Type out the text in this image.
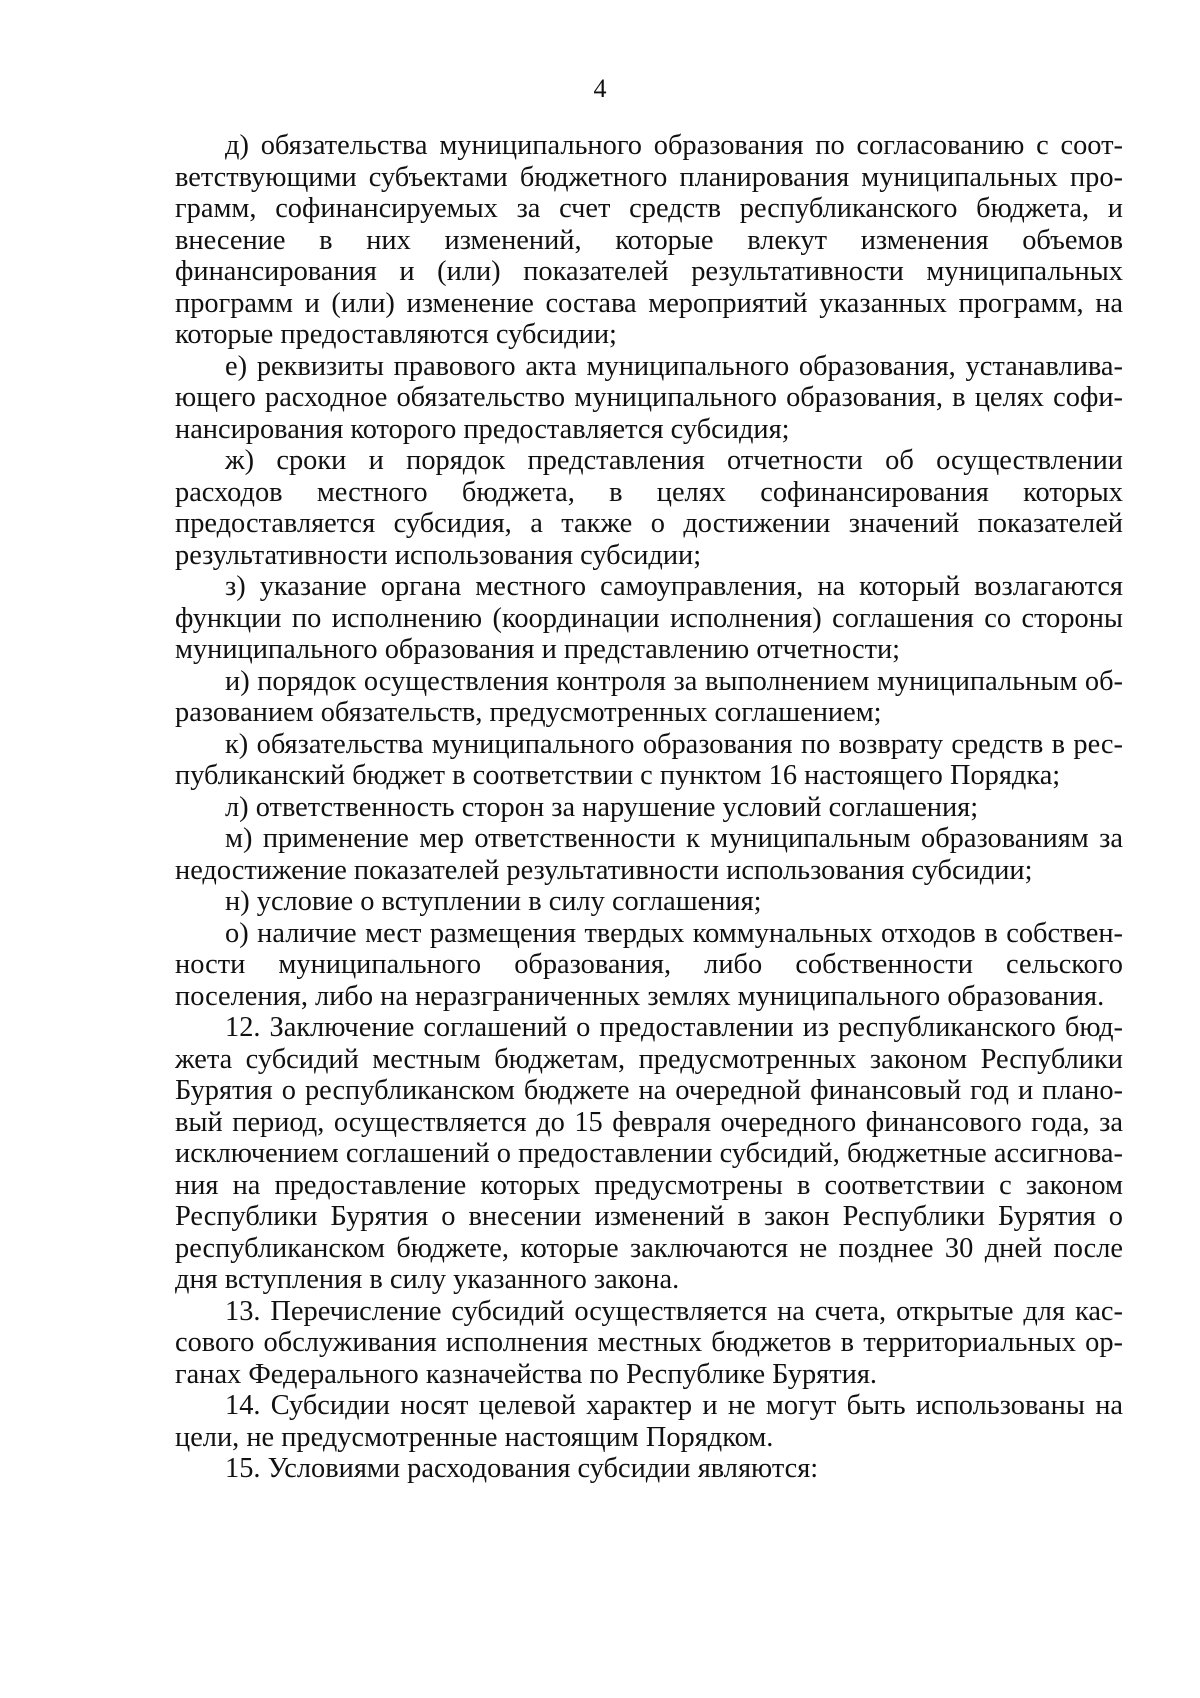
4

д) обязательства муниципального образования по согласованию с соответствующими субъектами бюджетного планирования муниципальных программ, софинансируемых за счет средств республиканского бюджета, и внесение в них изменений, которые влекут изменения объемов финансирования и (или) показателей результативности муниципальных программ и (или) изменение состава мероприятий указанных программ, на которые предоставляются субсидии;

е) реквизиты правового акта муниципального образования, устанавливающего расходное обязательство муниципального образования, в целях софинансирования которого предоставляется субсидия;

ж) сроки и порядок представления отчетности об осуществлении расходов местного бюджета, в целях софинансирования которых предоставляется субсидия, а также о достижении значений показателей результативности использования субсидии;

з) указание органа местного самоуправления, на который возлагаются функции по исполнению (координации исполнения) соглашения со стороны муниципального образования и представлению отчетности;

и) порядок осуществления контроля за выполнением муниципальным образованием обязательств, предусмотренных соглашением;

к) обязательства муниципального образования по возврату средств в республиканский бюджет в соответствии с пунктом 16 настоящего Порядка;

л) ответственность сторон за нарушение условий соглашения;

м) применение мер ответственности к муниципальным образованиям за недостижение показателей результативности использования субсидии;

н) условие о вступлении в силу соглашения;

о) наличие мест размещения твердых коммунальных отходов в собственности муниципального образования, либо собственности сельского поселения, либо на неразграниченных землях муниципального образования.

12. Заключение соглашений о предоставлении из республиканского бюджета субсидий местным бюджетам, предусмотренных законом Республики Бурятия о республиканском бюджете на очередной финансовый год и плановый период, осуществляется до 15 февраля очередного финансового года, за исключением соглашений о предоставлении субсидий, бюджетные ассигнования на предоставление которых предусмотрены в соответствии с законом Республики Бурятия о внесении изменений в закон Республики Бурятия о республиканском бюджете, которые заключаются не позднее 30 дней после дня вступления в силу указанного закона.

13. Перечисление субсидий осуществляется на счета, открытые для кассового обслуживания исполнения местных бюджетов в территориальных органах Федерального казначейства по Республике Бурятия.

14. Субсидии носят целевой характер и не могут быть использованы на цели, не предусмотренные настоящим Порядком.

15. Условиями расходования субсидии являются:
